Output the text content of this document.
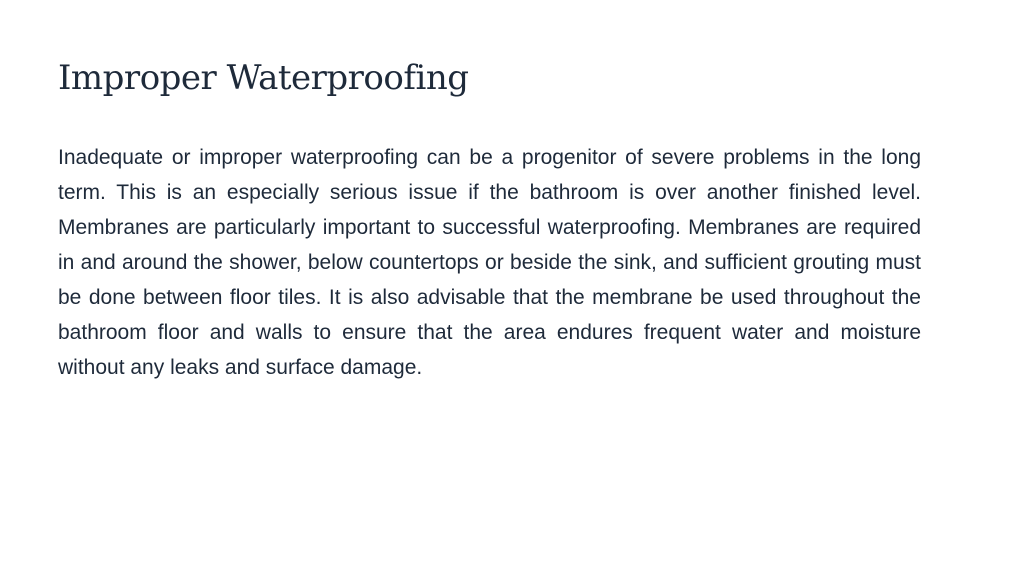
Improper Waterproofing

Inadequate or improper waterproofing can be a progenitor of severe problems in the long term. This is an especially serious issue if the bathroom is over another finished level. Membranes are particularly important to successful waterproofing. Membranes are required in and around the shower, below countertops or beside the sink, and sufficient grouting must be done between floor tiles. It is also advisable that the membrane be used throughout the bathroom floor and walls to ensure that the area endures frequent water and moisture without any leaks and surface damage.
